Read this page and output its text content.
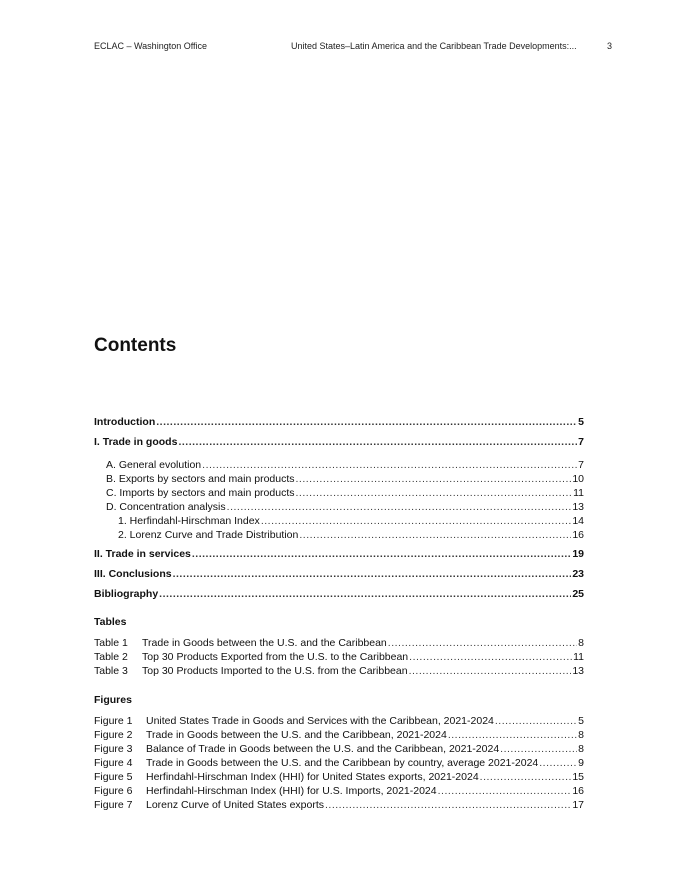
ECLAC – Washington Office	United States–Latin America and the Caribbean Trade Developments:...	3
Contents
Introduction .....	5
I. Trade in goods .....	7
A. General evolution .....	7
B. Exports by sectors and main products .....	10
C. Imports by sectors and main products .....	11
D. Concentration analysis .....	13
1. Herfindahl-Hirschman Index .....	14
2. Lorenz Curve and Trade Distribution .....	16
II. Trade in services .....	19
III. Conclusions .....	23
Bibliography .....	25
Tables
Table 1 Trade in Goods between the U.S. and the Caribbean .....	8
Table 2 Top 30 Products Exported from the U.S. to the Caribbean .....	11
Table 3 Top 30 Products Imported to the U.S. from the Caribbean .....	13
Figures
Figure 1 United States Trade in Goods and Services with the Caribbean, 2021-2024 .....	5
Figure 2 Trade in Goods between the U.S. and the Caribbean, 2021-2024 .....	8
Figure 3 Balance of Trade in Goods between the U.S. and the Caribbean, 2021-2024 .....	8
Figure 4 Trade in Goods between the U.S. and the Caribbean by country, average 2021-2024 .....	9
Figure 5 Herfindahl-Hirschman Index (HHI) for United States exports, 2021-2024 .....	15
Figure 6 Herfindahl-Hirschman Index (HHI) for U.S. Imports, 2021-2024 .....	16
Figure 7 Lorenz Curve of United States exports .....	17
